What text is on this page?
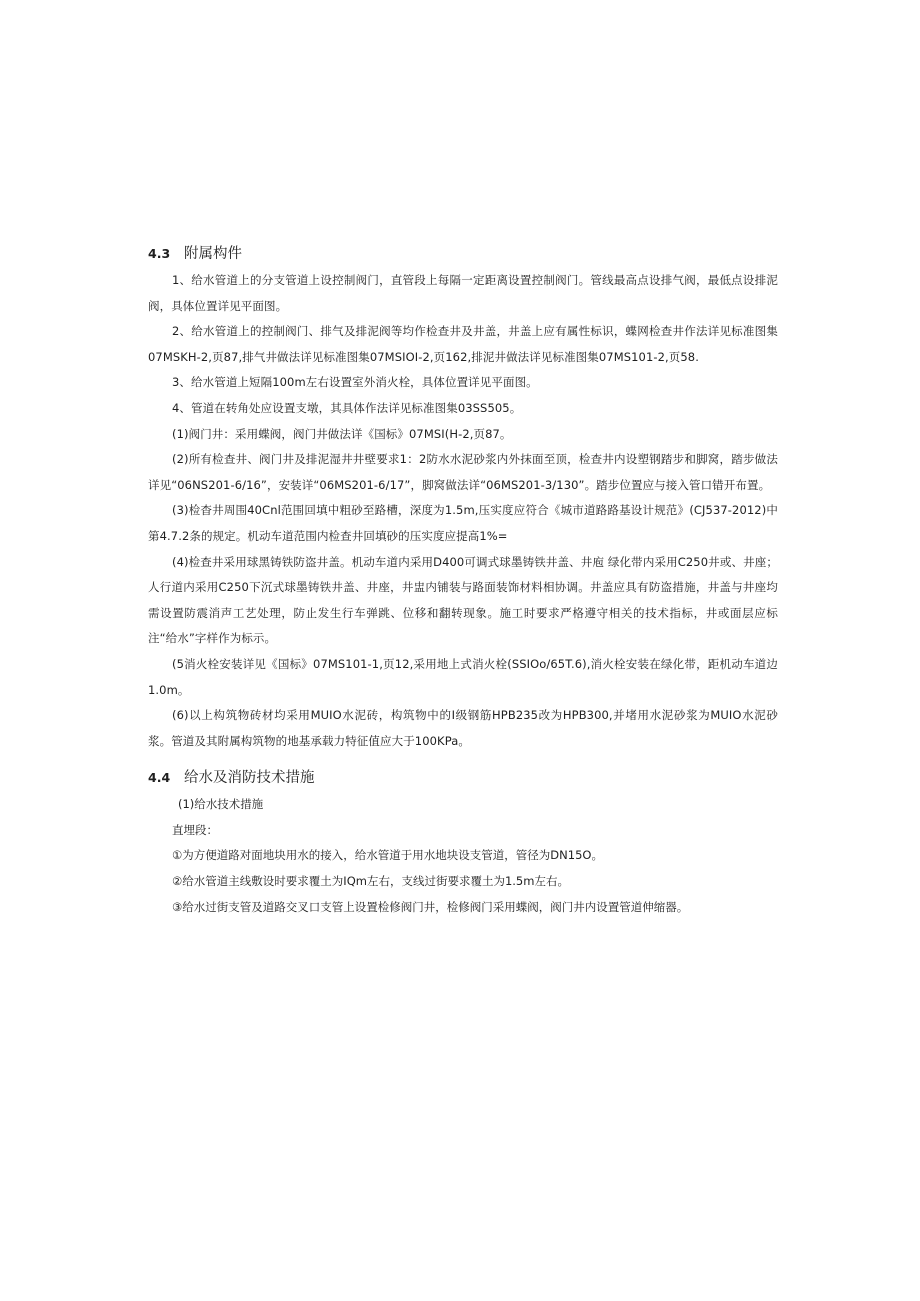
4.3 附属构件

1、给水管道上的分支管道上设控制阀门，直管段上每隔一定距离设置控制阀门。管线最高点设排气阀，最低点设排泥阀，具体位置详见平面图。

2、给水管道上的控制阀门、排气及排泥阀等均作检查井及井盖，井盖上应有属性标识，蝶网检查井作法详见标准图集07MSKH-2,页87,排气井做法详见标准图集07MSIOI-2,页162,排泥井做法详见标准图集07MS101-2,页58.

3、给水管道上短隔100m左右设置室外消火栓，具体位置详见平面图。

4、管道在转角处应设置支墩，其具体作法详见标准图集03SS505。

(1)阀门井：采用蝶阀，阀门井做法详《国标》07MSI(H-2,页87。

(2)所有检查井、阀门井及排泥湿井井壁要求1：2防水水泥砂浆内外抹面至顶，检查井内设塑钢踏步和脚窝，踏步做法详见“06NS201-6/16”，安装详“06MS201-6/17”，脚窝做法详“06MS201-3/130”。踏步位置应与接入管口错开布置。

(3)检杳井周围40Cnl范围回填中粗砂至路槽，深度为1.5m,压实度应符合《城市道路路基设计规范》(CJ537-2012)中第4.7.2条的规定。机动车道范围内检查井回填砂的压实度应提高1%=

(4)检查井采用球黑铸铁防盗井盖。机动车道内采用D400可调式球墨铸铁井盖、井庖 绿化带内采用C250井或、井座；人行道内采用C250下沉式球墨铸铁井盖、井座，井盅内铺装与路面装饰材料相协调。井盖应具有防盗措施，井盖与井座均需设置防震消声工艺处理，防止发生行车弹跳、位移和翻转现象。施工时要求严格遵守相关的技术指标，井或面层应标注“给水”字样作为标示。

(5消火栓安装详见《国标》07MS101-1,页12,采用地上式消火栓(SSIOo/65T.6),消火栓安装在绿化带，距机动车道边1.0m。

(6)以上构筑物砖材均采用MUIO水泥砖，构筑物中的I级钢筋HPB235改为HPB300,并堵用水泥砂浆为MUIO水泥砂浆。管道及其附属构筑物的地基承载力特征值应大于100KPa。

4.4 给水及消防技术措施

(1)给水技术措施

直埋段：

①为方便道路对面地块用水的接入，给水管道于用水地块设支管道，管径为DN15O。

②给水管道主线敷设时要求覆土为IQm左右，支线过街要求覆土为1.5m左右。

③给水过街支管及道路交叉口支管上设置检修阀门井，检修阀门采用蝶阀，阀门井内设置管道伸缩器。
